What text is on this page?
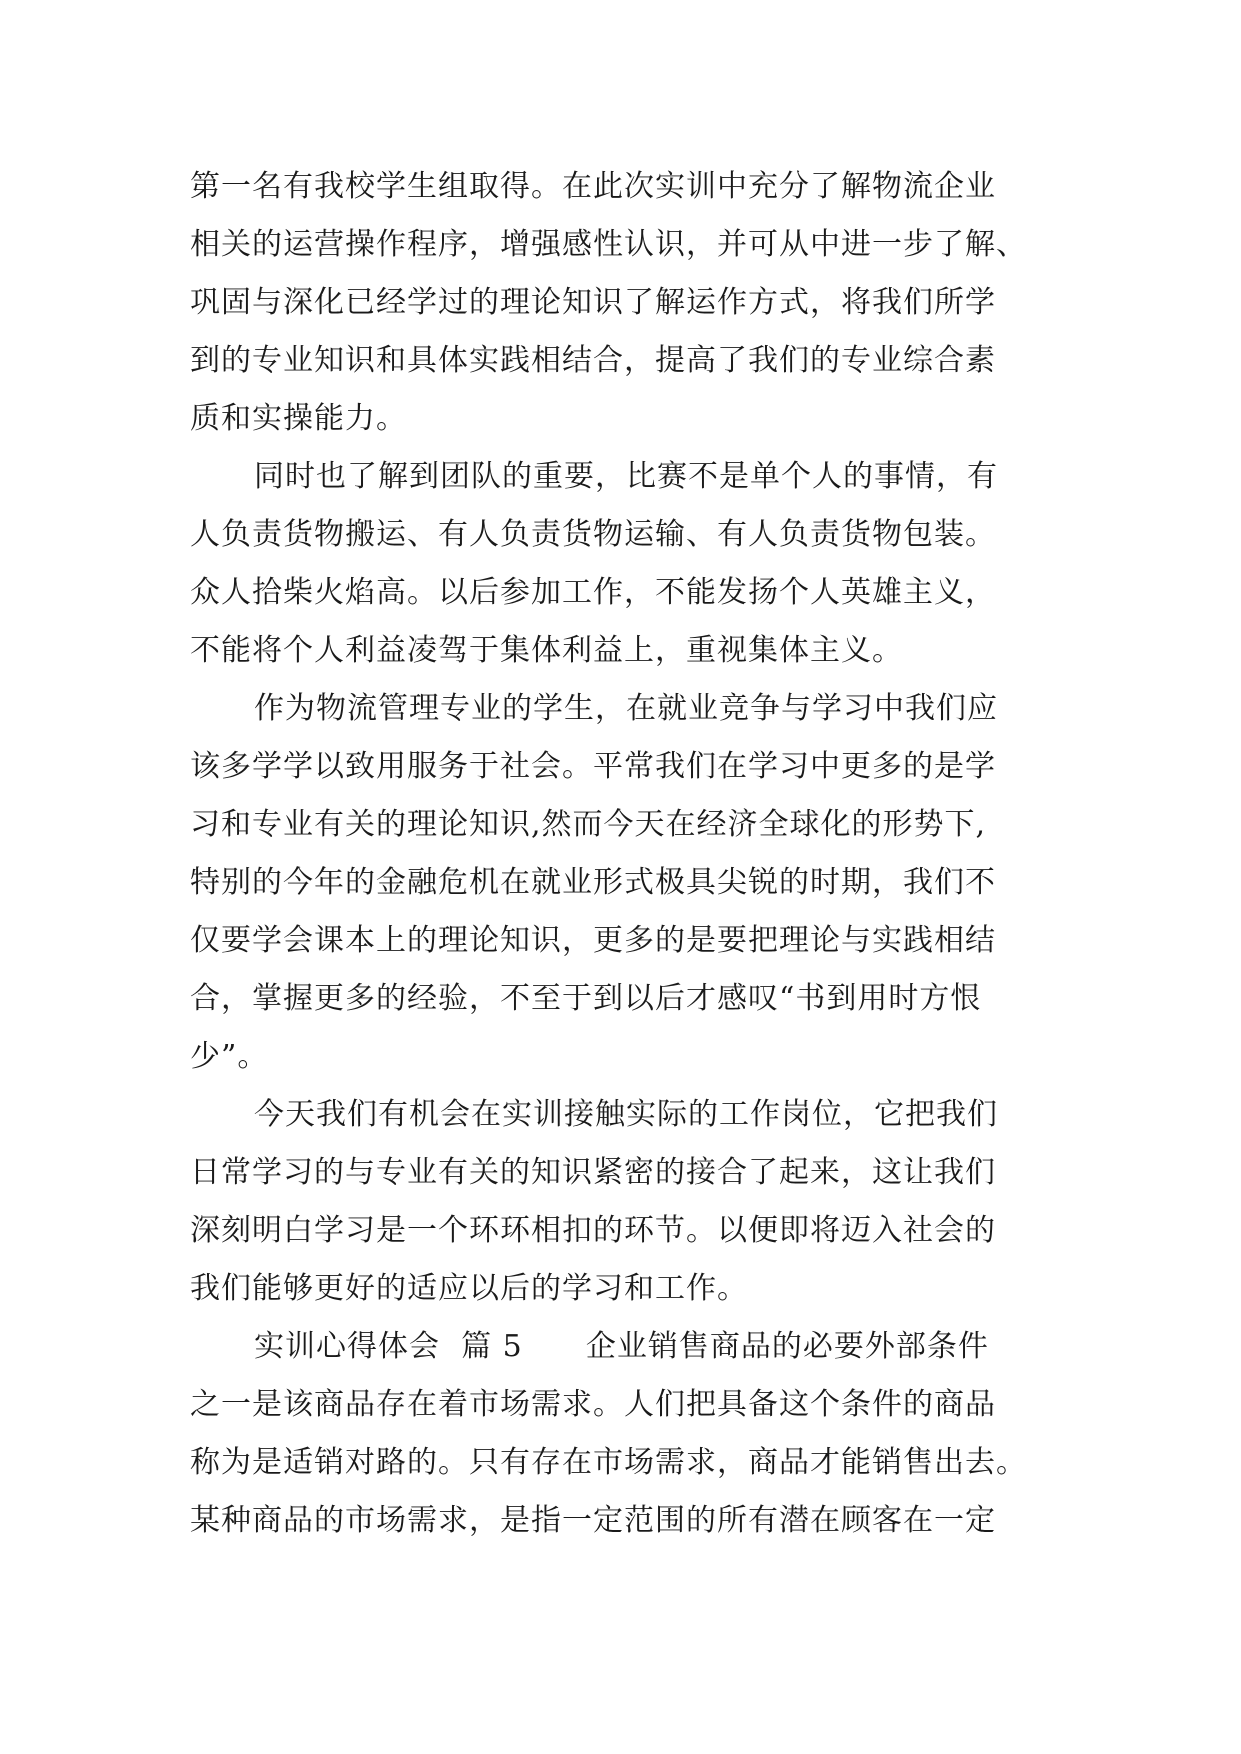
第一名有我校学生组取得。在此次实训中充分了解物流企业
相关的运营操作程序，增强感性认识，并可从中进一步了解、
巩固与深化已经学过的理论知识了解运作方式，将我们所学
到的专业知识和具体实践相结合，提高了我们的专业综合素
质和实操能力。
同时也了解到团队的重要，比赛不是单个人的事情，有
人负责货物搬运、有人负责货物运输、有人负责货物包装。
众人拾柴火焰高。以后参加工作，不能发扬个人英雄主义，
不能将个人利益凌驾于集体利益上，重视集体主义。
作为物流管理专业的学生，在就业竞争与学习中我们应
该多学学以致用服务于社会。平常我们在学习中更多的是学
习和专业有关的理论知识,然而今天在经济全球化的形势下,
特别的今年的金融危机在就业形式极具尖锐的时期，我们不
仅要学会课本上的理论知识，更多的是要把理论与实践相结
合，掌握更多的经验，不至于到以后才感叹“书到用时方恨
少”。
今天我们有机会在实训接触实际的工作岗位，它把我们
日常学习的与专业有关的知识紧密的接合了起来，这让我们
深刻明白学习是一个环环相扣的环节。以便即将迈入社会的
我们能够更好的适应以后的学习和工作。
实训心得体会  篇 5      企业销售商品的必要外部条件
之一是该商品存在着市场需求。人们把具备这个条件的商品
称为是适销对路的。只有存在市场需求，商品才能销售出去。
某种商品的市场需求，是指一定范围的所有潜在顾客在一定
